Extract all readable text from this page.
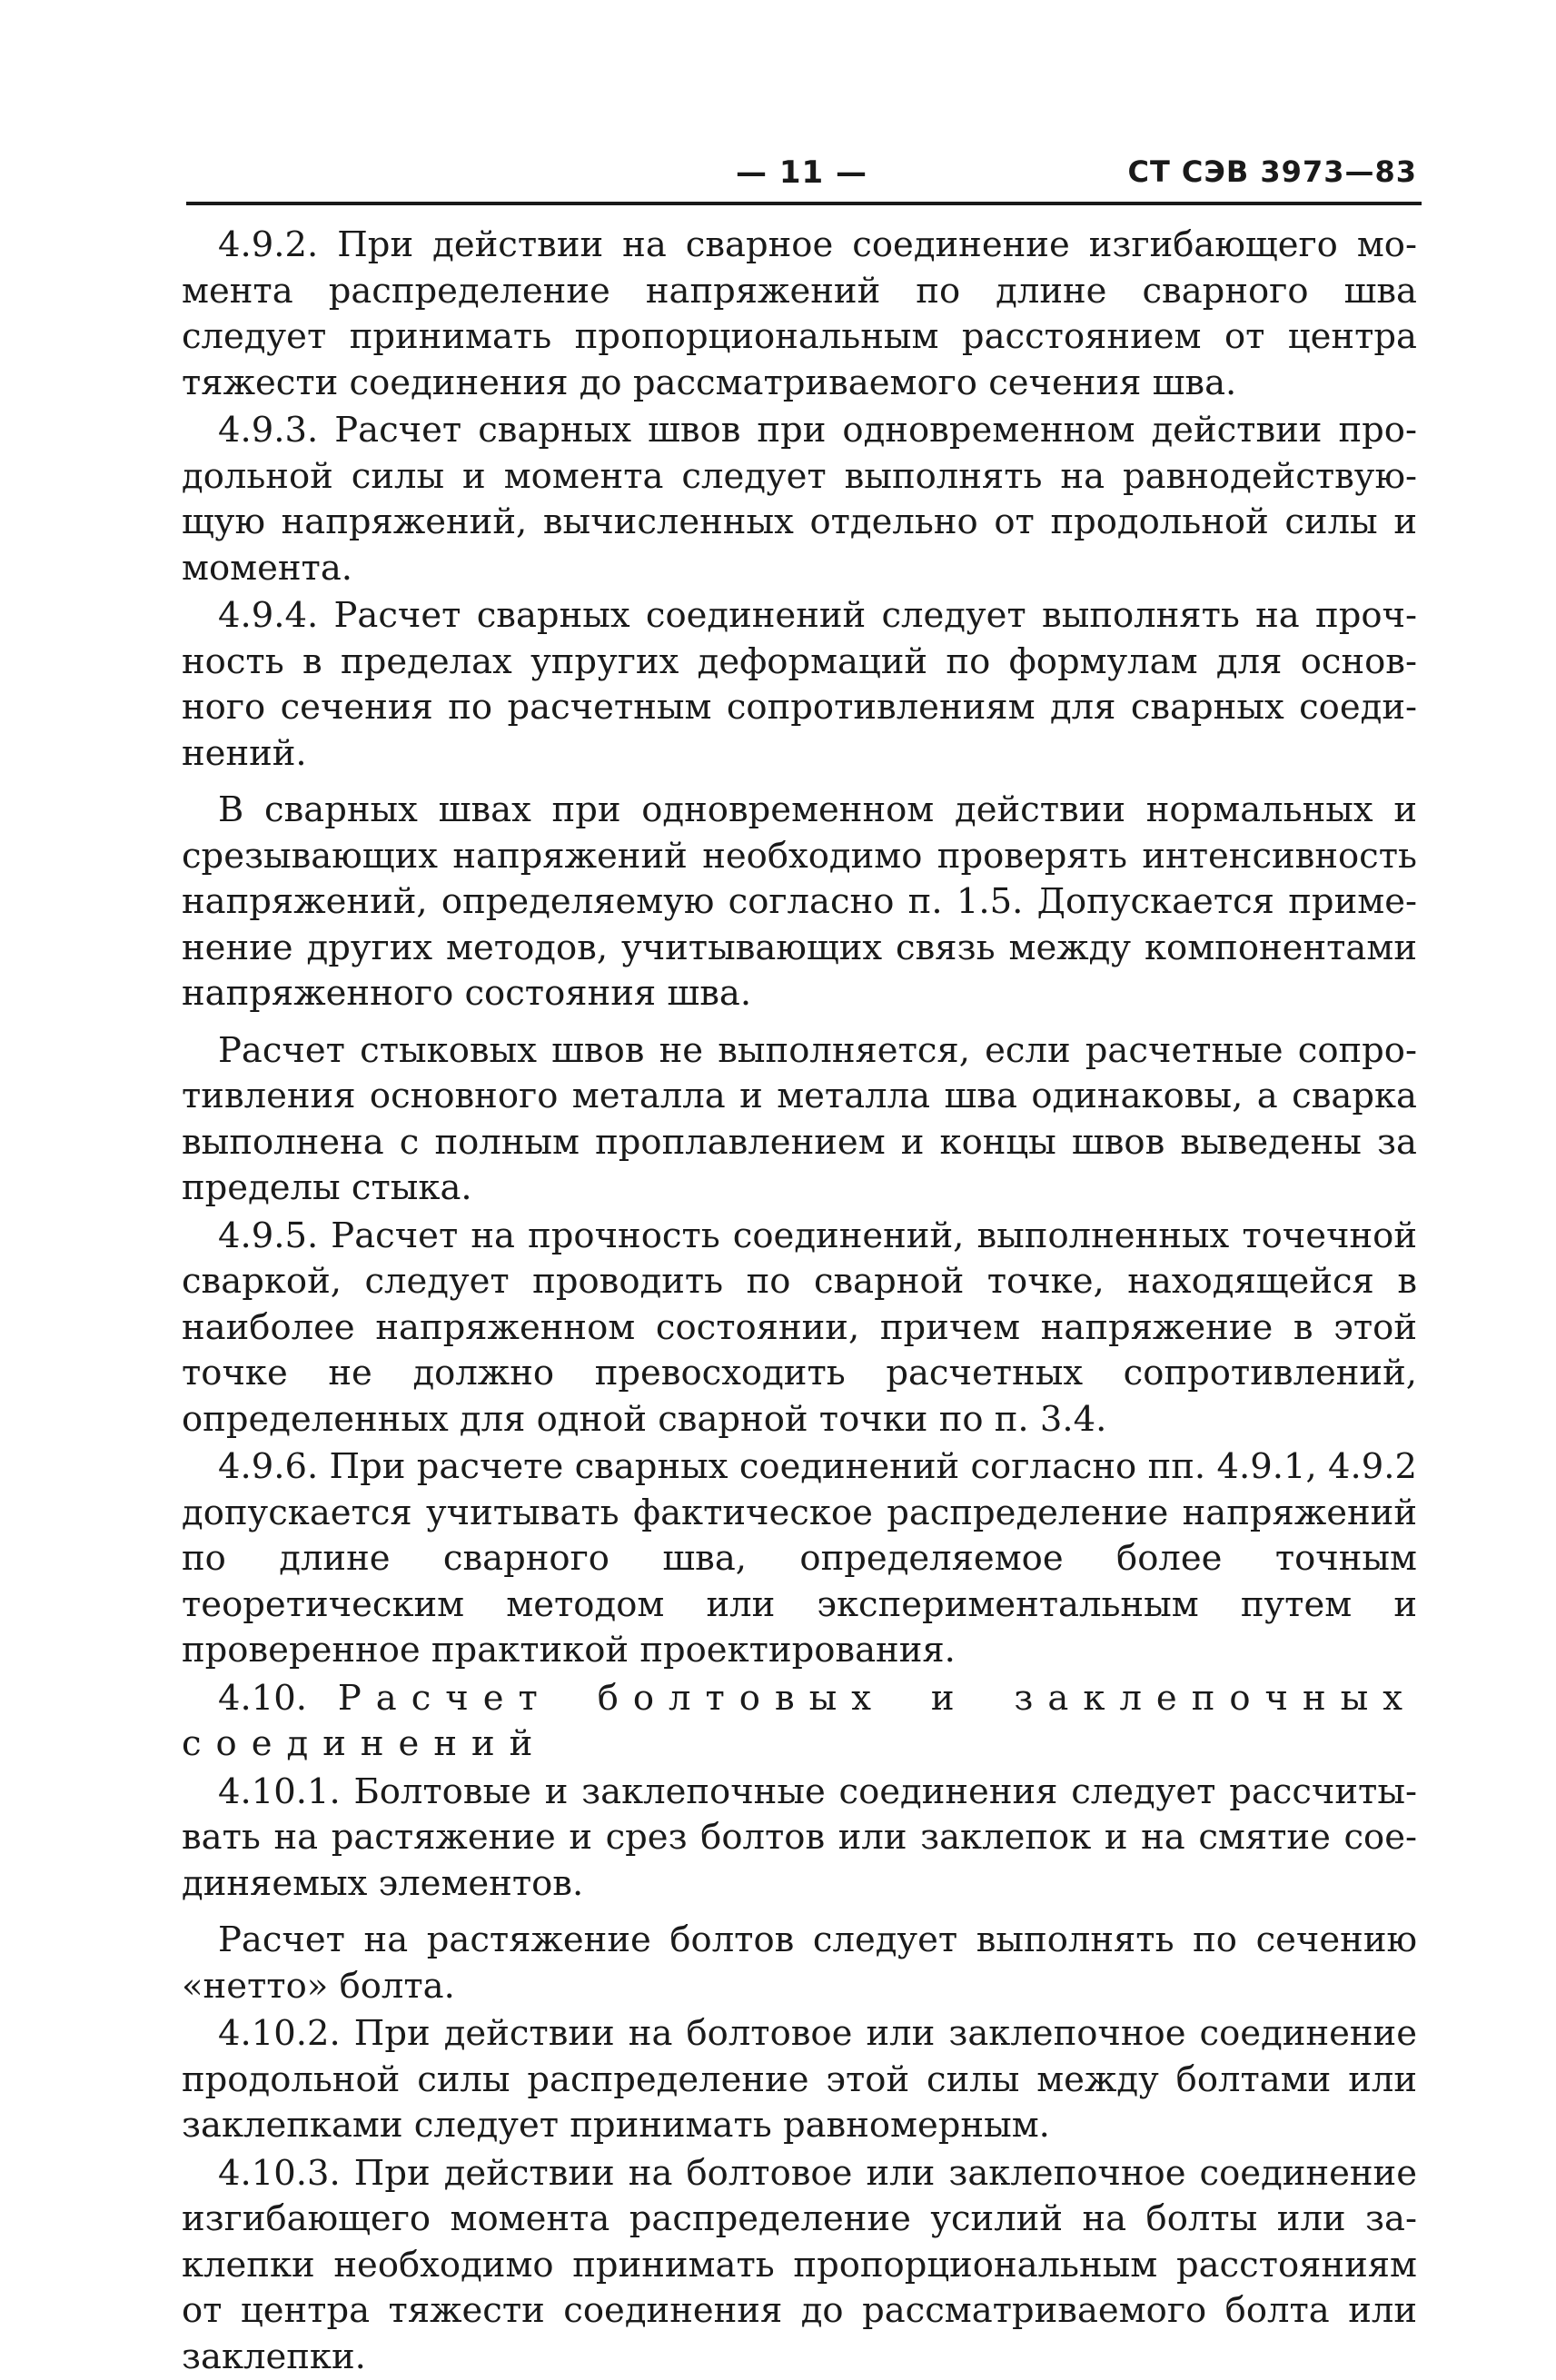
— 11 —	СТ СЭВ 3973—83

4.9.2. При действии на сварное соединение изгибающего момента распределение напряжений по длине сварного шва следует принимать пропорциональным расстоянием от центра тяжести соединения до рассматриваемого сечения шва.

4.9.3. Расчет сварных швов при одновременном действии продольной силы и момента следует выполнять на равнодействующую напряжений, вычисленных отдельно от продольной силы и момента.

4.9.4. Расчет сварных соединений следует выполнять на прочность в пределах упругих деформаций по формулам для основного сечения по расчетным сопротивлениям для сварных соединений.

В сварных швах при одновременном действии нормальных и срезывающих напряжений необходимо проверять интенсивность напряжений, определяемую согласно п. 1.5. Допускается применение других методов, учитывающих связь между компонентами напряженного состояния шва.

Расчет стыковых швов не выполняется, если расчетные сопротивления основного металла и металла шва одинаковы, а сварка выполнена с полным проплавлением и концы швов выведены за пределы стыка.

4.9.5. Расчет на прочность соединений, выполненных точечной сваркой, следует проводить по сварной точке, находящейся в наиболее напряженном состоянии, причем напряжение в этой точке не должно превосходить расчетных сопротивлений, определенных для одной сварной точки по п. 3.4.

4.9.6. При расчете сварных соединений согласно пп. 4.9.1, 4.9.2 допускается учитывать фактическое распределение напряжений по длине сварного шва, определяемое более точным теоретическим методом или экспериментальным путем и проверенное практикой проектирования.

4.10. Расчет болтовых и заклепочных соединений

4.10.1. Болтовые и заклепочные соединения следует рассчитывать на растяжение и срез болтов или заклепок и на смятие соединяемых элементов.

Расчет на растяжение болтов следует выполнять по сечению «нетто» болта.

4.10.2. При действии на болтовое или заклепочное соединение продольной силы распределение этой силы между болтами или заклепками следует принимать равномерным.

4.10.3. При действии на болтовое или заклепочное соединение изгибающего момента распределение усилий на болты или заклепки необходимо принимать пропорциональным расстояниям от центра тяжести соединения до рассматриваемого болта или заклепки.
